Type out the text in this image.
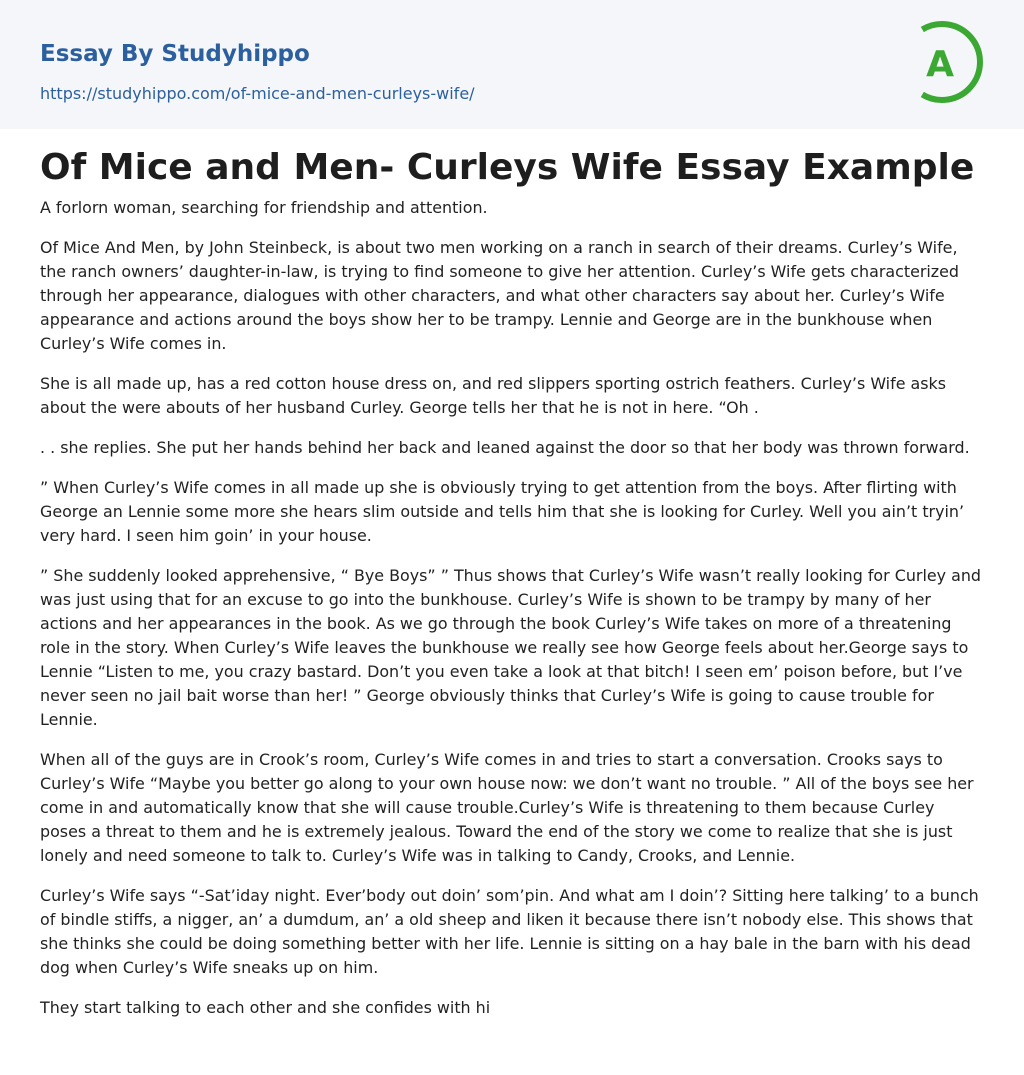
Essay By Studyhippo
https://studyhippo.com/of-mice-and-men-curleys-wife/
A
Of Mice and Men- Curleys Wife Essay Example

A forlorn woman, searching for friendship and attention.

Of Mice And Men, by John Steinbeck, is about two men working on a ranch in search of their dreams. Curley’s Wife, the ranch owners’ daughter-in-law, is trying to find someone to give her attention. Curley’s Wife gets characterized through her appearance, dialogues with other characters, and what other characters say about her. Curley’s Wife appearance and actions around the boys show her to be trampy. Lennie and George are in the bunkhouse when Curley’s Wife comes in.

She is all made up, has a red cotton house dress on, and red slippers sporting ostrich feathers. Curley’s Wife asks about the were abouts of her husband Curley. George tells her that he is not in here. “Oh .

. . she replies. She put her hands behind her back and leaned against the door so that her body was thrown forward.

” When Curley’s Wife comes in all made up she is obviously trying to get attention from the boys. After flirting with George an Lennie some more she hears slim outside and tells him that she is looking for Curley. Well you ain’t tryin’ very hard. I seen him goin’ in your house.

” She suddenly looked apprehensive, “ Bye Boys” ” Thus shows that Curley’s Wife wasn’t really looking for Curley and was just using that for an excuse to go into the bunkhouse. Curley’s Wife is shown to be trampy by many of her actions and her appearances in the book. As we go through the book Curley’s Wife takes on more of a threatening role in the story. When Curley’s Wife leaves the bunkhouse we really see how George feels about her.George says to Lennie “Listen to me, you crazy bastard. Don’t you even take a look at that bitch! I seen em’ poison before, but I’ve never seen no jail bait worse than her! ” George obviously thinks that Curley’s Wife is going to cause trouble for Lennie.

When all of the guys are in Crook’s room, Curley’s Wife comes in and tries to start a conversation. Crooks says to Curley’s Wife “Maybe you better go along to your own house now: we don’t want no trouble. ” All of the boys see her come in and automatically know that she will cause trouble.Curley’s Wife is threatening to them because Curley poses a threat to them and he is extremely jealous. Toward the end of the story we come to realize that she is just lonely and need someone to talk to. Curley’s Wife was in talking to Candy, Crooks, and Lennie.

Curley’s Wife says “-Sat’iday night. Ever’body out doin’ som’pin. And what am I doin’? Sitting here talking’ to a bunch of bindle stiffs, a nigger, an’ a dumdum, an’ a old sheep and liken it because there isn’t nobody else. This shows that she thinks she could be doing something better with her life. Lennie is sitting on a hay bale in the barn with his dead dog when Curley’s Wife sneaks up on him.

They start talking to each other and she confides with hi
